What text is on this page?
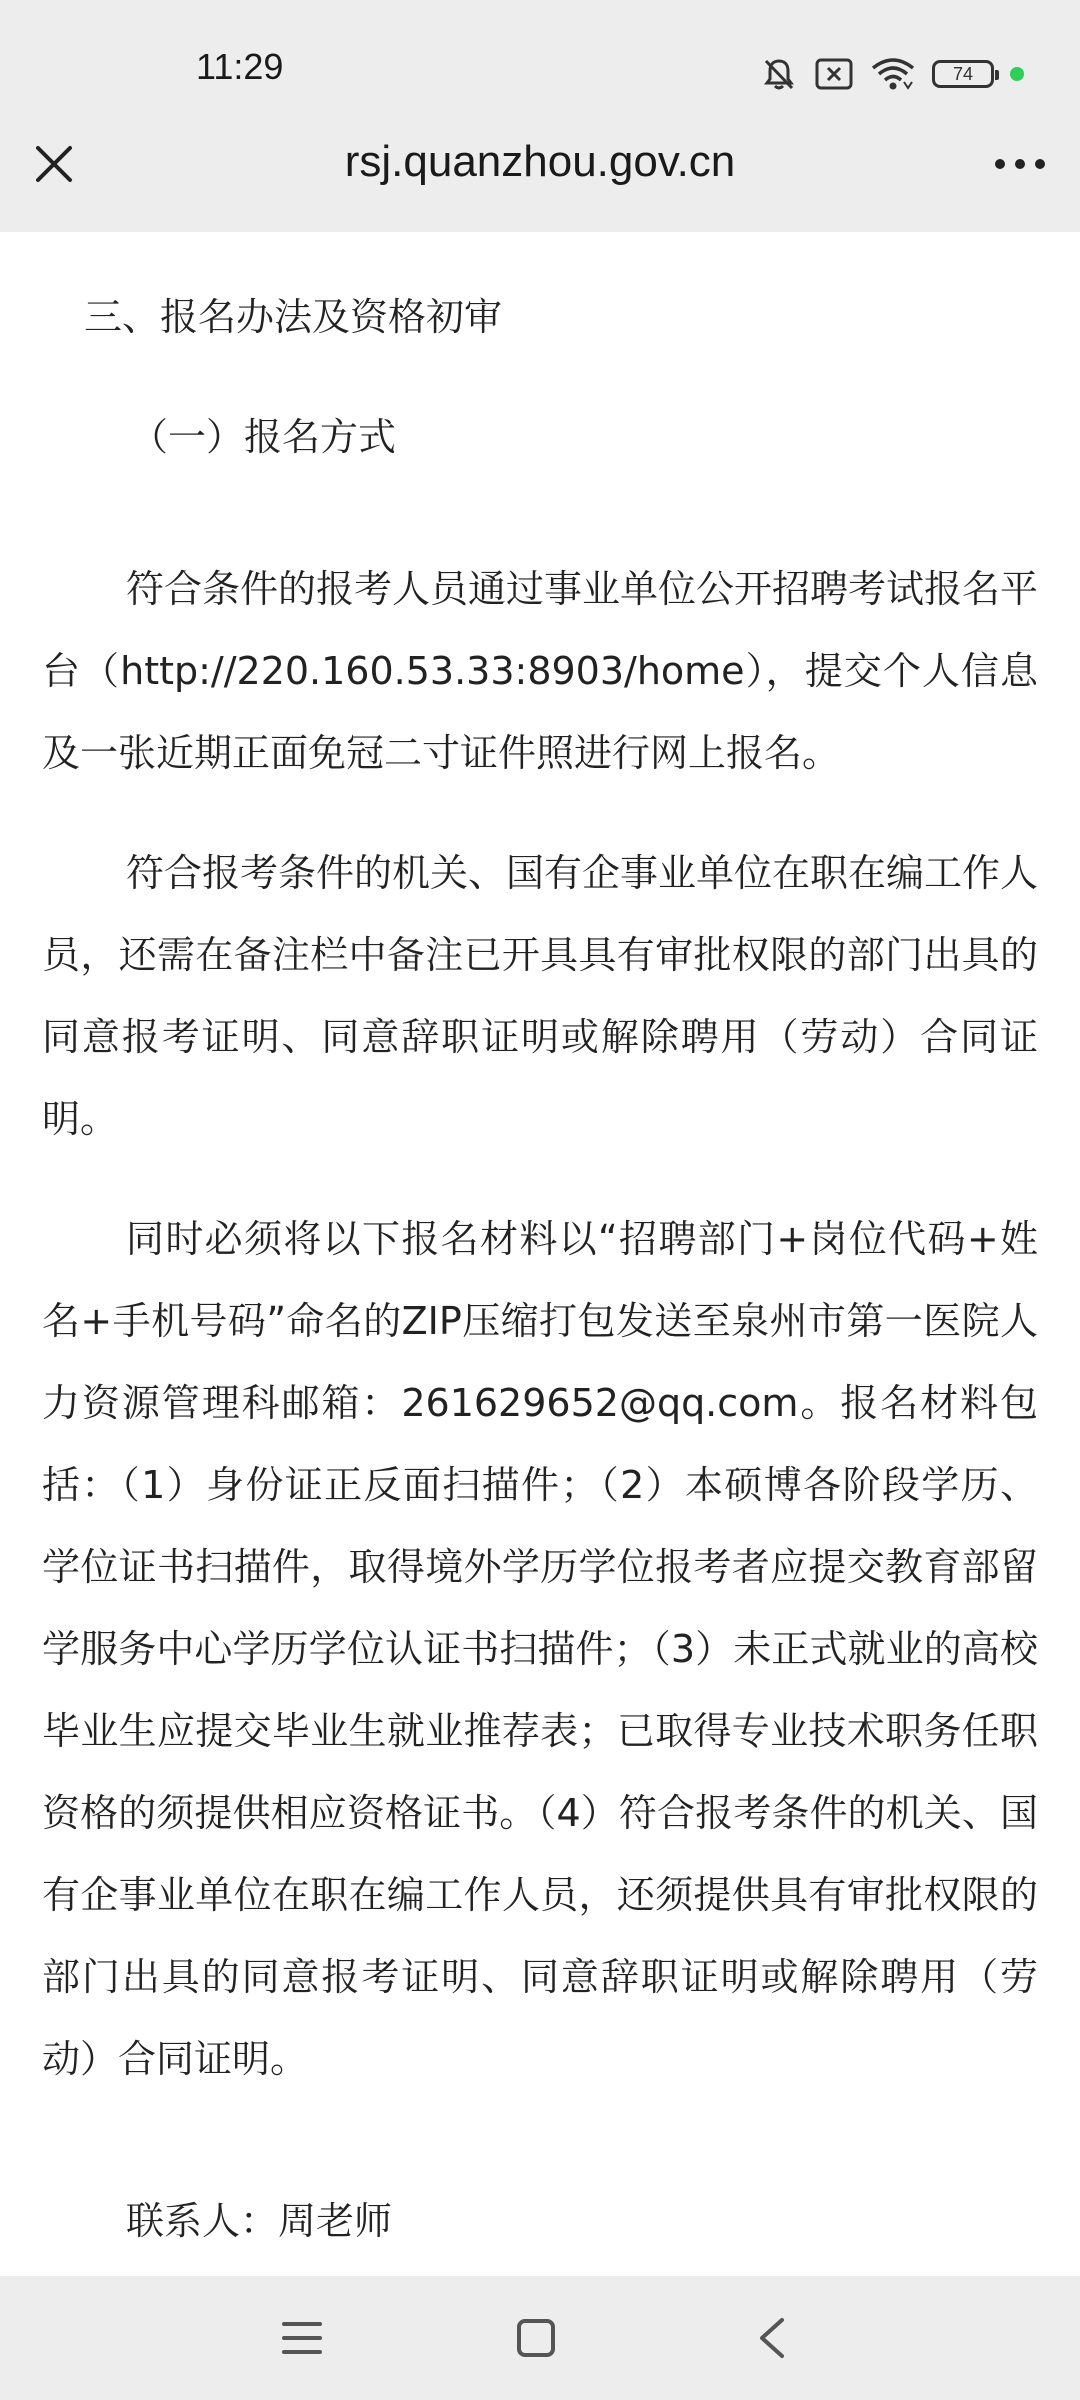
11:29	74
rsj.quanzhou.gov.cn
三、报名办法及资格初审
（一）报名方式

符合条件的报考人员通过事业单位公开招聘考试报名平台（http://220.160.53.33:8903/home），提交个人信息及一张近期正面免冠二寸证件照进行网上报名。

符合报考条件的机关、国有企事业单位在职在编工作人员，还需在备注栏中备注已开具具有审批权限的部门出具的同意报考证明、同意辞职证明或解除聘用（劳动）合同证明。

同时必须将以下报名材料以“招聘部门+岗位代码+姓名+手机号码”命名的ZIP压缩打包发送至泉州市第一医院人力资源管理科邮箱：261629652@qq.com。报名材料包括：（1）身份证正反面扫描件；（2）本硕博各阶段学历、学位证书扫描件，取得境外学历学位报考者应提交教育部留学服务中心学历学位认证书扫描件；（3）未正式就业的高校毕业生应提交毕业生就业推荐表；已取得专业技术职务任职资格的须提供相应资格证书。（4）符合报考条件的机关、国有企事业单位在职在编工作人员，还须提供具有审批权限的部门出具的同意报考证明、同意辞职证明或解除聘用（劳动）合同证明。

联系人：周老师
